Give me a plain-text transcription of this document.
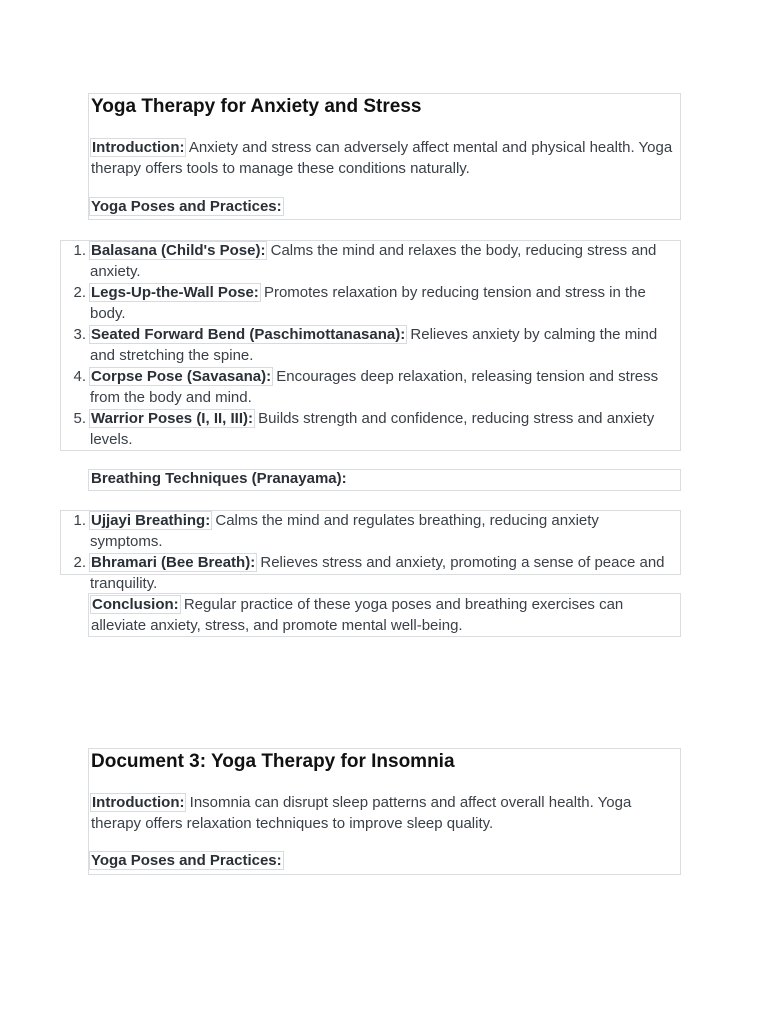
Yoga Therapy for Anxiety and Stress
Introduction: Anxiety and stress can adversely affect mental and physical health. Yoga therapy offers tools to manage these conditions naturally.
Yoga Poses and Practices:
1. Balasana (Child's Pose): Calms the mind and relaxes the body, reducing stress and anxiety.
2. Legs-Up-the-Wall Pose: Promotes relaxation by reducing tension and stress in the body.
3. Seated Forward Bend (Paschimottanasana): Relieves anxiety by calming the mind and stretching the spine.
4. Corpse Pose (Savasana): Encourages deep relaxation, releasing tension and stress from the body and mind.
5. Warrior Poses (I, II, III): Builds strength and confidence, reducing stress and anxiety levels.
Breathing Techniques (Pranayama):
1. Ujjayi Breathing: Calms the mind and regulates breathing, reducing anxiety symptoms.
2. Bhramari (Bee Breath): Relieves stress and anxiety, promoting a sense of peace and tranquility.
Conclusion: Regular practice of these yoga poses and breathing exercises can alleviate anxiety, stress, and promote mental well-being.
Document 3: Yoga Therapy for Insomnia
Introduction: Insomnia can disrupt sleep patterns and affect overall health. Yoga therapy offers relaxation techniques to improve sleep quality.
Yoga Poses and Practices:
